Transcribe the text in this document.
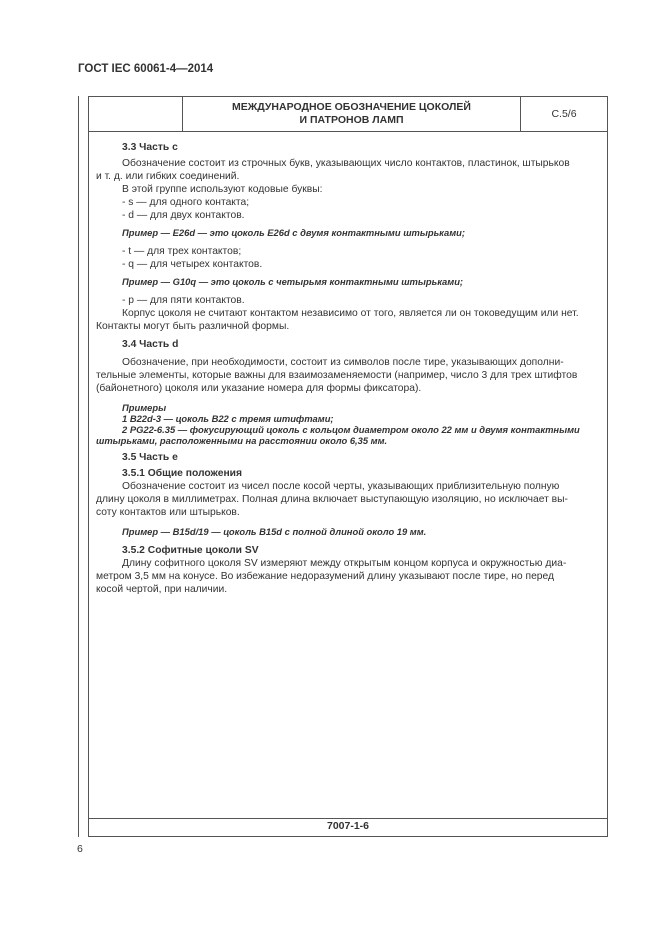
ГОСТ IEC 60061-4—2014
МЕЖДУНАРОДНОЕ ОБОЗНАЧЕНИЕ ЦОКОЛЕЙ
И ПАТРОНОВ ЛАМП	С.5/6
7007-1-6

3.3 Часть с

Обозначение состоит из строчных букв, указывающих число контактов, пластинок, штырьков

и т. д. или гибких соединений.

В этой группе используют кодовые буквы:

- s — для одного контакта;

- d — для двух контактов.

Пример — E26d — это цоколь E26d с двумя контактными штырьками;

- t — для трех контактов;

- q — для четырех контактов.

Пример — G10q — это цоколь с четырьмя контактными штырьками;

- p — для пяти контактов.

Корпус цоколя не считают контактом независимо от того, является ли он токоведущим или нет.

Контакты могут быть различной формы.

3.4 Часть d

Обозначение, при необходимости, состоит из символов после тире, указывающих дополни-

тельные элементы, которые важны для взаимозаменяемости (например, число 3 для трех штифтов

(байонетного) цоколя или указание номера для формы фиксатора).

Примеры

1 B22d-3 — цоколь B22 с тремя штифтами;

2 PG22-6.35 — фокусирующий цоколь с кольцом диаметром около 22 мм и двумя контактными

штырьками, расположенными на расстоянии около 6,35 мм.

3.5 Часть е

3.5.1 Общие положения

Обозначение состоит из чисел после косой черты, указывающих приблизительную полную

длину цоколя в миллиметрах. Полная длина включает выступающую изоляцию, но исключает вы-

соту контактов или штырьков.

Пример — B15d/19 — цоколь B15d с полной длиной около 19 мм.

3.5.2 Софитные цоколи SV

Длину софитного цоколя SV измеряют между открытым концом корпуса и окружностью диа-

метром 3,5 мм на конусе. Во избежание недоразумений длину указывают после тире, но перед

косой чертой, при наличии.

6
